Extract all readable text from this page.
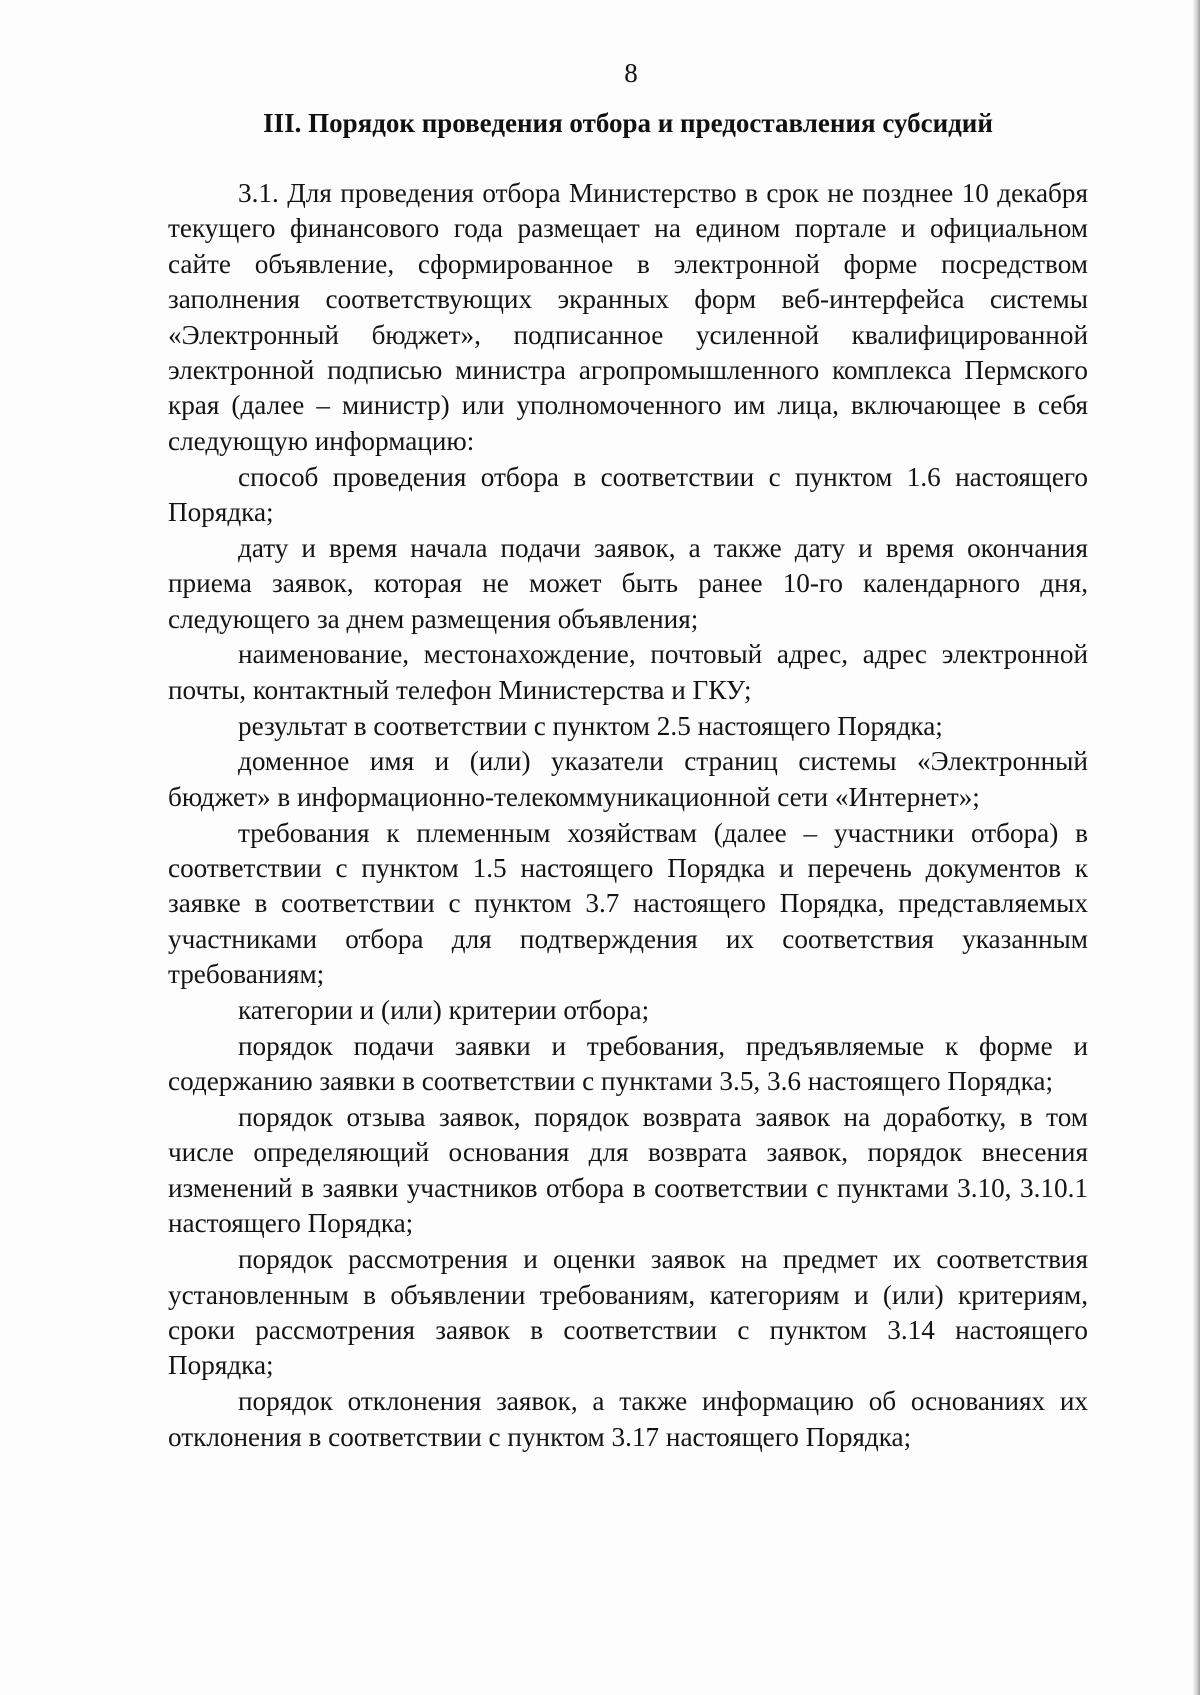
8
III. Порядок проведения отбора и предоставления субсидий

3.1. Для проведения отбора Министерство в срок не позднее 10 декабря текущего финансового года размещает на едином портале и официальном сайте объявление, сформированное в электронной форме посредством заполнения соответствующих экранных форм веб-интерфейса системы «Электронный бюджет», подписанное усиленной квалифицированной электронной подписью министра агропромышленного комплекса Пермского края (далее – министр) или уполномоченного им лица, включающее в себя следующую информацию:

способ проведения отбора в соответствии с пунктом 1.6 настоящего Порядка;

дату и время начала подачи заявок, а также дату и время окончания приема заявок, которая не может быть ранее 10-го календарного дня, следующего за днем размещения объявления;

наименование, местонахождение, почтовый адрес, адрес электронной почты, контактный телефон Министерства и ГКУ;

результат в соответствии с пунктом 2.5 настоящего Порядка;

доменное имя и (или) указатели страниц системы «Электронный бюджет» в информационно-телекоммуникационной сети «Интернет»;

требования к племенным хозяйствам (далее – участники отбора) в соответствии с пунктом 1.5 настоящего Порядка и перечень документов к заявке в соответствии с пунктом 3.7 настоящего Порядка, представляемых участниками отбора для подтверждения их соответствия указанным требованиям;

категории и (или) критерии отбора;

порядок подачи заявки и требования, предъявляемые к форме и содержанию заявки в соответствии с пунктами 3.5, 3.6 настоящего Порядка;

порядок отзыва заявок, порядок возврата заявок на доработку, в том числе определяющий основания для возврата заявок, порядок внесения изменений в заявки участников отбора в соответствии с пунктами 3.10, 3.10.1 настоящего Порядка;

порядок рассмотрения и оценки заявок на предмет их соответствия установленным в объявлении требованиям, категориям и (или) критериям, сроки рассмотрения заявок в соответствии с пунктом 3.14 настоящего Порядка;

порядок отклонения заявок, а также информацию об основаниях их отклонения в соответствии с пунктом 3.17 настоящего Порядка;
